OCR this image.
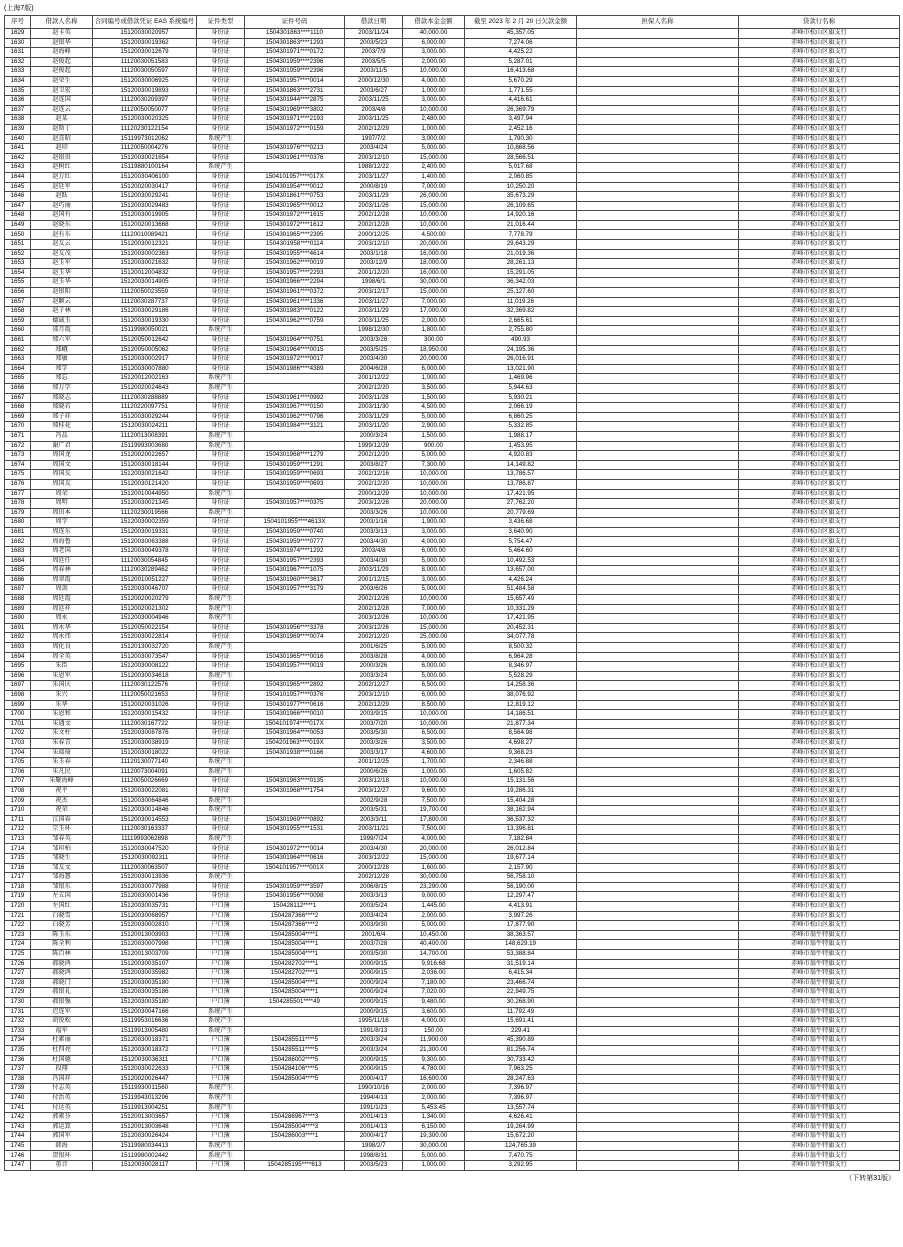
(上海7版)
序号	借款人名称	合同编号或借款凭证 EAS 系统编号	证件类型	证件号码	借款日期	借款本金金额	截至 2023 年 2 月 20 日欠款金额	担保人名称	贷款行名称
1629	赵卡英	15120030020957	身份证	1504301863****1110	2003/11/24	40,000.00	45,357.05		赤峰市松山区旗支行
1630	赵银华	15120030019362	身份证	1504301863****1293	2003/5/23	6,000.00	7,274.06		赤峰市松山区旗支行
1631	赵海峰	15120030012679	身份证	1504301971****0172	2003/7/9	3,000.00	4,425.22		赤峰市松山区旗支行
1632	赵俊起	11120030051583	身份证	1504301959****2396	2003/5/5	2,000.00	5,287.01		赤峰市松山区旗支行
1633	赵俊起	11120030050597	身份证	1504301959****2396	2003/11/5	10,000.00	16,413.68		赤峰市松山区旗支行
1634	赵荣生	15120030006925	身份证	1504301957****0014	2000/12/30	4,000.00	5,670.29		赤峰市松山区旗支行
1635	赵卫宏	15120030019893	身份证	1504301863****2731	2003/6/27	1,000.00	1,771.55		赤峰市松山区旗支行
1636	赵连国	11120030209397	身份证	1504301944****2875	2003/11/25	3,000.00	4,416.61		赤峰市松山区旗支行
1637	赵连云	11120050050077	身份证	1504301969****3802	2003/4/8	10,000.00	26,369.79		赤峰市松山区旗支行
1638	赵某	15120030020325	身份证	1504301971****2193	2003/11/25	2,480.00	3,497.94		赤峰市松山区旗支行
1639	赵斯丁	11120230122154	身份证	1504301972****0159	2002/12/29	1,000.00	2,452.16		赤峰市松山区旗支行
1640	赵喜昭	15119973012062	系统产生		1997/7/2	3,000.00	1,790.30		赤峰市松山区旗支行
1641	赵印	11120050004276	身份证	1504301976****0213	2003/4/24	5,000.00	10,868.56		赤峰市松山区旗支行
1642	赵银贵	15120030021654	身份证	1504301961****0376	2003/12/10	15,000.00	28,566.51		赤峰市松山区旗支行
1643	赵树红	15119880100164	系统产生		1988/12/22	2,400.00	5,017.68		赤峰市松山区旗支行
1644	赵万红	15120030406100	身份证	1504101957****017X	2003/11/27	1,400.00	2,060.85		赤峰市松山区旗支行
1645	赵廷军	15120020030417	身份证	1504301954****0012	2000/8/19	7,000.00	10,250.20		赤峰市松山区旗支行
1646	赵跃	15120030029241	身份证	1504301861****0753	2003/11/29	26,000.00	35,673.29		赤峰市松山区旗支行
1647	赵巧丽	15120030029483	身份证	1504301965****0012	2003/11/26	15,000.00	26,109.65		赤峰市松山区旗支行
1648	赵国有	15120030019905	身份证	1504301972****1615	2002/12/28	10,000.00	14,920.16		赤峰市松山区旗支行
1649	赵晓东	15120020013668	身份证	1504301972****1612	2002/12/28	10,000.00	21,016.44		赤峰市松山区旗支行
1650	赵有东	11120010089421	身份证	1504301965****2395	2000/12/25	4,500.00	7,778.79		赤峰市松山区旗支行
1651	赵友云	15120030012321	身份证	1504301958****0114	2003/12/10	20,000.00	29,643.29		赤峰市松山区旗支行
1652	赵友茂	15120030002363	身份证	1504301955****4614	2003/1/18	16,000.00	21,019.36		赤峰市松山区旗支行
1653	赵玉军	15120030021632	身份证	1504301962****0019	2003/12/9	18,000.00	28,261.13		赤峰市松山区旗支行
1654	赵玉华	15120012004832	身份证	1504301957****2293	2001/12/20	16,000.00	15,291.05		赤峰市松山区旗支行
1655	赵玉华	15120030014905	身份证	1504301966****2294	1998/6/1	30,000.00	36,342.03		赤峰市松山区旗支行
1656	赵银阳	11120050023559	身份证	1504301961****0372	2003/12/17	15,000.00	25,127.60		赤峰市松山区旗支行
1657	赵颖云	11120030287737	身份证	1504301961****1336	2003/11/27	7,000.00	11,019.26		赤峰市松山区旗支行
1658	赵子林	15120030029186	身份证	1504301983****0122	2003/11/29	17,000.00	32,369.82		赤峰市松山区旗支行
1659	德诚玉	15120030019330	身份证	1504301962****0759	2003/11/25	2,000.00	2,665.61		赤峰市松山区旗支行
1660	邵月霞	15119980050021	系统产生		1998/12/30	1,800.00	2,755.80		赤峰市松山区旗支行
1661	郑六军	15120050012642	身份证	1504301964****0751	2003/3/28	300.00	490.93		赤峰市松山区旗支行
1662	郑峨	15120050005062	身份证	1504301964****0015	2003/5/25	18,950.00	24,195.36		赤峰市松山区旗支行
1663	郑敏	15120030002917	身份证	1504301972****0017	2003/4/30	20,000.00	26,016.91		赤峰市松山区旗支行
1664	郑学	15120030007880	身份证	1504301986****4389	2004/6/28	6,000.00	13,021.90		赤峰市松山区旗支行
1665	郑忘	15120012002163	系统产生		2001/12/22	1,000.00	1,469.96		赤峰市松山区旗支行
1666	郑万学	15120020024643	系统产生		2002/12/20	3,500.00	5,944.63		赤峰市松山区旗支行
1667	郑晓志	11120030288889	身份证	1504301961****0992	2003/11/28	1,500.00	5,930.21		赤峰市松山区旗支行
1668	郑晓若	11120220097751	身份证	1504301967****0150	2003/11/30	4,500.00	2,066.19		赤峰市松山区旗支行
1669	郑子祥	15120030029244	身份证	1504301962****0796	2003/11/29	5,000.00	6,860.25		赤峰市松山区旗支行
1670	郑桂花	15120030024211	身份证	1504301984****3121	2003/11/20	2,900.00	5,332.85		赤峰市松山区旗支行
1671	冯品	11120013008391	系统产生		2000/3/24	1,500.00	1,988.17		赤峰市松山区旗支行
1672	谢广君	15119993003680	系统产生		1999/12/29	900.00	1,453.95		赤峰市松山区旗支行
1673	周国龙	15120020022657	身份证	1504301968****1279	2002/12/20	5,000.00	4,920.83		赤峰市松山区旗支行
1674	周国文	15120030018144	身份证	1504301959****1291	2003/8/27	7,300.00	14,149.82		赤峰市松山区旗支行
1675	周国友	15120030021642	身份证	1504301959****0693	2002/12/16	10,000.00	13,786.57		赤峰市松山区旗支行
1676	周国友	15120030121420	身份证	1504301959****0693	2002/12/20	10,000.00	13,786.87		赤峰市松山区旗支行
1677	周荣	15120010044950	系统产生		2000/12/29	10,000.00	17,421.95		赤峰市松山区旗支行
1678	周明	15120030021345	身份证	1504301957****0375	2003/12/26	20,000.00	27,762.20		赤峰市松山区旗支行
1679	周田本	11120230019566	系统产生		2003/3/26	10,000.00	20,779.69		赤峰市松山区旗支行
1680	周学	15120030002359	身份证	1504101955****4613X	2003/1/16	1,900.00	3,436.68		赤峰市松山区旗支行
1681	周连东	15120030019331	身份证	1504301959****0740	2003/3/13	3,000.00	3,640.90		赤峰市松山区旗支行
1682	周海鲁	15120030063388	身份证	1504301959****0777	2003/4/30	4,000.00	5,754.47		赤峰市松山区旗支行
1683	周老国	15120030049378	身份证	1504301974****1292	2003/4/8	6,000.00	5,464.60		赤峰市松山区旗支行
1684	周廷任	11120030054845	身份证	1504301957****2393	2003/4/30	5,000.00	10,492.53		赤峰市松山区旗支行
1685	周春林	11120030289462	身份证	1504301967****1075	2003/11/29	8,000.00	13,657.00		赤峰市松山区旗支行
1686	周翠霞	15120010051227	身份证	1504301960****3617	2001/12/15	3,000.00	4,426.24		赤峰市松山区旗支行
1687	周剑	15120030046707	身份证	1504301957****3179	2003/6/26	5,000.00	51,484.58		赤峰市松山区旗支行
1688	周廷霞	15120020020279	系统产生		2002/12/26	10,000.00	15,657.49		赤峰市松山区旗支行
1689	周廷祥	15120020021302	系统产生		2002/12/28	7,000.00	10,331.29		赤峰市松山区旗支行
1690	周永	15120030004946	系统产生		2003/12/26	10,000.00	17,421.95		赤峰市松山区旗支行
1691	周永华	15120050022154	身份证	1504301956****3378	2003/12/26	15,000.00	20,452.31		赤峰市松山区旗支行
1692	周永伟	15120030022814	身份证	1504301969****0074	2002/12/20	25,000.00	34,077.78		赤峰市松山区旗支行
1693	周化良	15120130032720	系统产生		2001/6/25	5,000.00	8,500.32		赤峰市松山区旗支行
1694	周全英	15120030073547	身份证	1504301965****0016	2003/8/28	4,000.00	6,964.28		赤峰市松山区旗支行
1695	朱臣	15120030008122	身份证	1504301957****0019	2000/3/26	6,000.00	8,346.97		赤峰市松山区旗支行
1696	朱恩军	15120030034618	系统产生		2003/3/24	5,000.00	5,528.29		赤峰市松山区旗支行
1697	朱国庆	11120030122576	身份证	1504301965****2892	2002/12/27	6,500.00	14,258.36		赤峰市松山区旗支行
1698	朱兴	11120050021653	身份证	1504101957****0376	2003/12/10	6,000.00	38,076.92		赤峰市松山区旗支行
1699	朱华	15120020031026	身份证	1504301977****0616	2002/12/29	8,500.00	12,819.12		赤峰市松山区旗支行
1700	朱恩和	15120030015432	身份证	1504301966****0010	2003/9/15	10,000.00	14,186.51		赤峰市松山区旗支行
1701	朱遇文	11120030167722	身份证	1504101974****017X	2003/7/20	10,000.00	21,877.34		赤峰市松山区旗支行
1702	朱文柱	15120030087876	身份证	1504301964****0053	2003/5/30	6,500.00	8,564.98		赤峰市松山区旗支行
1703	朱春青	15120030038919	身份证	1504201963****019X	2003/3/26	3,500.00	4,698.27		赤峰市松山区旗支行
1704	朱瑞琦	15120030018022	身份证	1504301938****0166	2003/3/17	4,600.00	9,368.23		赤峰市松山区旗支行
1705	朱玉春	11120130077140	系统产生		2001/12/25	1,700.00	2,346.88		赤峰市松山区旗支行
1706	朱凡民	11120073004091	系统产生		2000/6/26	1,000.00	1,605.82		赤峰市松山区旗支行
1707	朱聚海峰	11120050026669	身份证	1504301963****0135	2003/12/18	10,000.00	15,131.56		赤峰市松山区旗支行
1708	祝平	15120030022081	身份证	1504301968****1754	2003/12/27	9,600.00	19,286.31		赤峰市松山区旗支行
1709	祝杰	15120030064846	系统产生		2002/9/28	7,500.00	15,404.28		赤峰市松山区旗支行
1710	祝荣	15120030014846	系统产生		2003/5/31	19,700.00	38,162.94		赤峰市松山区旗支行
1711	江国春	15120030014553	身份证	1504301969****0892	2003/3/11	17,800.00	36,537.32		赤峰市松山区旗支行
1712	宗玉环	11120030163337	身份证	1504301955****1531	2003/11/21	7,500.00	13,396.81		赤峰市松山区旗支行
1713	邹春英	11119993062898	系统产生		1999/7/24	4,000.00	7,182.84		赤峰市松山区旗支行
1714	邹印柏	15120030047520	身份证	1504301972****0014	2003/4/30	20,000.00	26,012.84		赤峰市松山区旗支行
1715	邹晓生	15120030092311	身份证	1504301964****0616	2003/12/22	15,000.00	19,677.14		赤峰市松山区旗支行
1716	邹友文	11120030063507	身份证	1504101957****001X	2000/12/28	1,600.00	2,157.90		赤峰市松山区旗支行
1717	邹海慧	15120030013936	系统产生		2002/12/28	30,000.00	56,758.10		赤峰市松山区旗支行
1718	邹银东	15120030077988	身份证	1504301959****3597	2006/8/15	23,290.00	56,190.00		赤峰市松山区旗支行
1719	左五国	15120030001436	身份证	1504301956****0098	2003/3/13	9,000.00	12,297.47		赤峰市松山区旗支行
1720	左国红	15120030035731	户口簿	150428112****1	2003/5/24	1,445.00	4,413.91		赤峰市松山区旗支行
1721	白晓雪	15120030068957	户口簿	1504287366****2	2003/4/24	2,000.00	3,997.26		赤峰市松山区旗支行
1722	白晓芳	15120030002810	户口簿	1504287366****2	2003/9/30	5,000.00	17,877.90		赤峰市松山区旗支行
1723	陈玉东	15120013003903	户口簿	1504285004****1	2001/6/4	10,450.00	38,363.57		赤峰市翁牛特旗支行
1724	陈全利	15120030007998	户口簿	1504285004****1	2003/7/28	40,400.00	148,629.19		赤峰市翁牛特旗支行
1725	陈百林	15120013003709	户口簿	1504285004****1	2003/5/30	14,700.00	53,388.84		赤峰市翁牛特旗支行
1726	郝晓鸿	15120030035107	户口簿	1504282702****1	2000/9/15	9,916.68	31,519.14		赤峰市翁牛特旗支行
1727	郝晓鸿	15120030035982	户口簿	1504282702****1	2000/9/15	2,036.00	6,415.34		赤峰市翁牛特旗支行
1728	郝晓门	15120030035180	户口簿	1504285004****1	2000/9/24	7,180.00	23,466.74		赤峰市翁牛特旗支行
1729	郝银礼	15120030035186	户口簿	1504285004****1	2000/9/24	7,020.00	22,949.75		赤峰市翁牛特旗支行
1730	郝银强	15120030035180	户口簿	1504285501****49	2000/9/15	9,480.00	30,268.90		赤峰市翁牛特旗支行
1731	迟连军	15120030047166	系统产生		2000/9/15	3,600.00	11,792.49		赤峰市翁牛特旗支行
1732	胡锐松	15119953016636	系统产生		1995/11/16	4,000.00	15,691.41		赤峰市翁牛特旗支行
1733	福军	15119913005480	系统产生		1991/8/13	150.00	229.41		赤峰市翁牛特旗支行
1734	杜素丽	15120030018371	户口簿	1504285511****5	2003/3/24	11,900.00	45,390.89		赤峰市翁牛特旗支行
1735	杜四亮	15120030018372	户口簿	1504285511****5	2003/3/24	21,300.00	81,256.74		赤峰市翁牛特旗支行
1736	杜国德	15120030036311	户口簿	1504286002****5	2000/9/15	9,300.00	30,733.42		赤峰市翁牛特旗支行
1737	段翔	15120030022633	户口簿	1504284106****5	2000/9/15	4,780.00	7,963.25		赤峰市翁牛特旗支行
1738	冯国祥	15120020026447	户口簿	1504285004****5	2000/4/17	16,600.00	28,247.63		赤峰市翁牛特旗支行
1739	付志英	15119930011560	系统产生		1990/10/16	2,000.00	7,396.97		赤峰市翁牛特旗支行
1740	付治英	15119943013296	系统产生		1994/4/13	2,000.00	7,396.97		赤峰市翁牛特旗支行
1741	付达英	15119913004251	系统产生		1991/1/23	5,453.45	13,557.74		赤峰市翁牛特旗支行
1742	郭素芬	15120013003657	户口簿	1504286967****3	2001/4/13	1,340.00	4,626.41		赤峰市翁牛特旗支行
1743	郭运算	15120013003648	户口簿	1504285004****3	2001/4/13	6,150.00	19,264.99		赤峰市翁牛特旗支行
1744	郭国军	15120030026424	户口簿	1504286003****1	2000/4/17	19,300.00	15,672.20		赤峰市翁牛特旗支行
1745	韩海	15119980034413	系统产生		1998/2/7	30,000.00	124,765.39		赤峰市翁牛特旗支行
1746	贺银环	15119980002442	系统产生		1998/8/31	5,000.00	7,470.75		赤峰市翁牛特旗支行
1747	董音	15120030028117	户口簿	1504285195****613	2003/5/23	1,000.00	3,292.95		赤峰市翁牛特旗支行
（下转第31版）
